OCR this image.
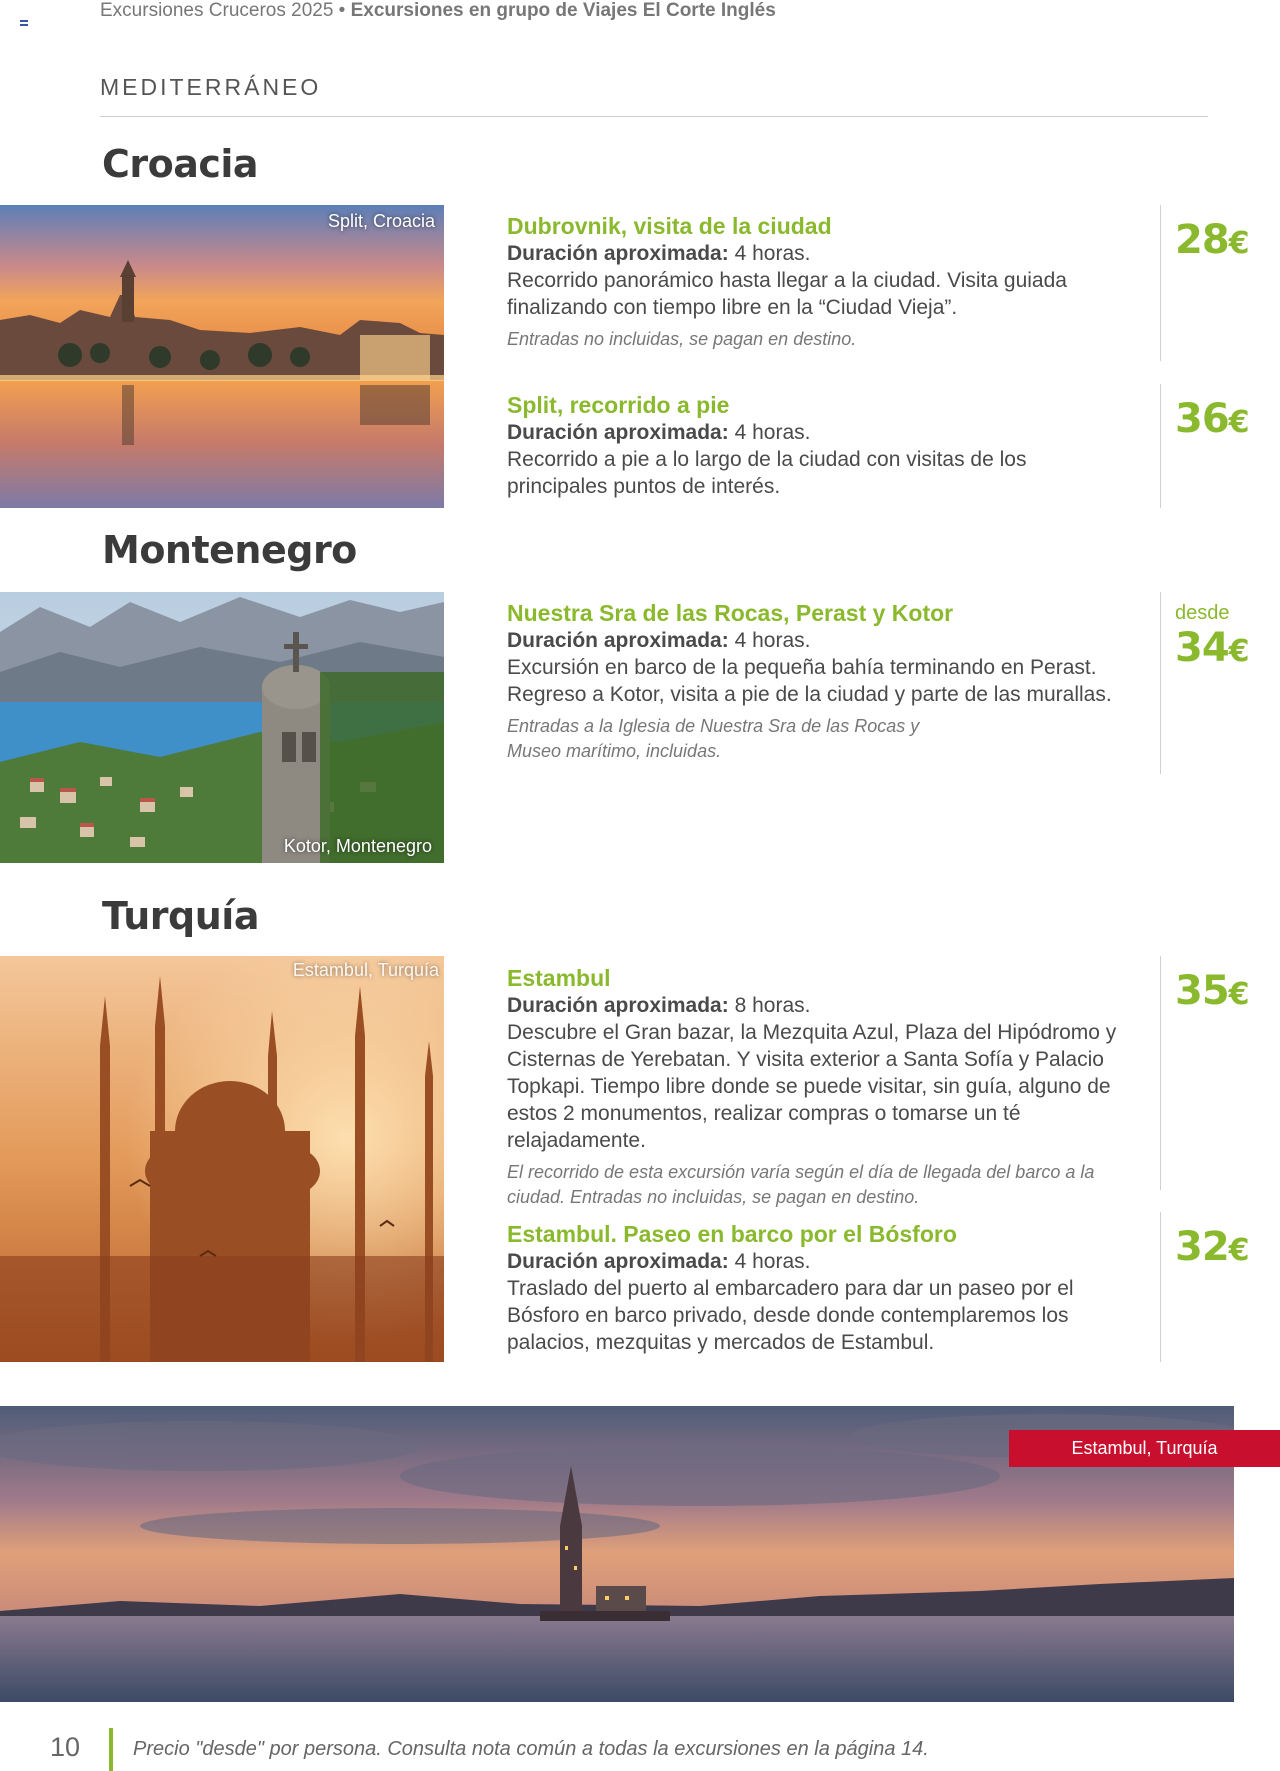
Excursiones Cruceros 2025 • Excursiones en grupo de Viajes El Corte Inglés
MEDITERRÁNEO
Croacia
Split, Croacia	Dubrovnik, visita de la ciudad
Duración aproximada: 4 horas.
Recorrido panorámico hasta llegar a la ciudad. Visita guiada finalizando con tiempo libre en la “Ciudad Vieja”.
Entradas no incluidas, se pagan en destino.
28€
Split, recorrido a pie
Duración aproximada: 4 horas.
Recorrido a pie a lo largo de la ciudad con visitas de los principales puntos de interés.
36€
Montenegro
Kotor, Montenegro
Nuestra Sra de las Rocas, Perast y Kotor
Duración aproximada: 4 horas.
Excursión en barco de la pequeña bahía terminando en Perast. Regreso a Kotor, visita a pie de la ciudad y parte de las murallas.
Entradas a la Iglesia de Nuestra Sra de las Rocas y Museo marítimo, incluidas.
desde
34€
Turquía
Estambul, Turquía	Estambul
Duración aproximada: 8 horas.
Descubre el Gran bazar, la Mezquita Azul, Plaza del Hipódromo y Cisternas de Yerebatan. Y visita exterior a Santa Sofía y Palacio Topkapi. Tiempo libre donde se puede visitar, sin guía, alguno de estos 2 monumentos, realizar compras o tomarse un té relajadamente.
El recorrido de esta excursión varía según el día de llegada del barco a la ciudad. Entradas no incluidas, se pagan en destino.
35€
Estambul. Paseo en barco por el Bósforo
Duración aproximada: 4 horas.
Traslado del puerto al embarcadero para dar un paseo por el Bósforo en barco privado, desde donde contemplaremos los palacios, mezquitas y mercados de Estambul.
32€
Estambul, Turquía
10	Precio "desde" por persona. Consulta nota común a todas la excursiones en la página 14.
